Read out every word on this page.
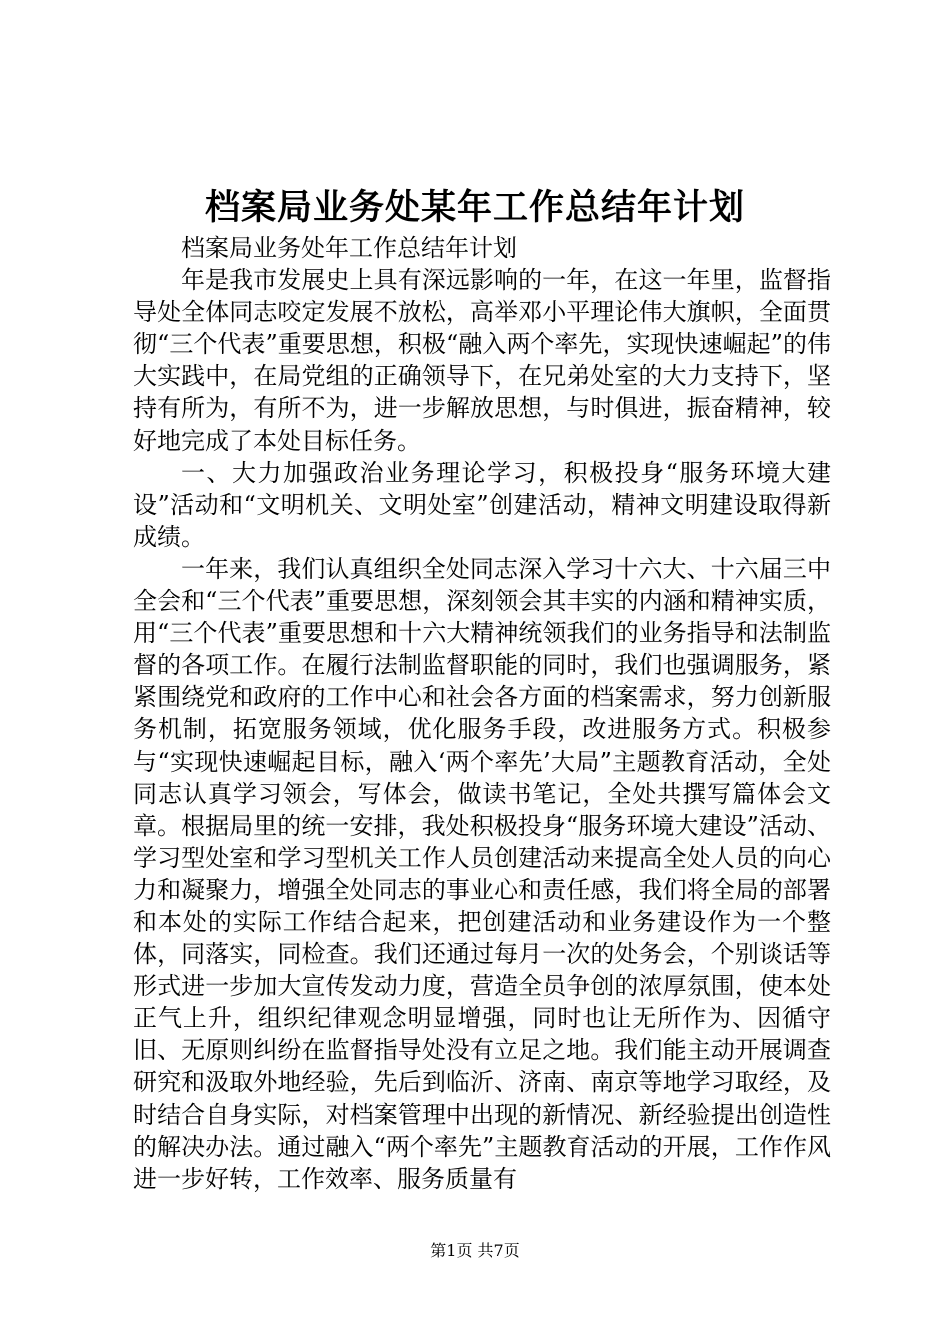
档案局业务处某年工作总结年计划

档案局业务处年工作总结年计划

年是我市发展史上具有深远影响的一年，在这一年里，监督指导处全体同志咬定发展不放松，高举邓小平理论伟大旗帜，全面贯彻“三个代表”重要思想，积极“融入两个率先，实现快速崛起”的伟大实践中，在局党组的正确领导下，在兄弟处室的大力支持下，坚持有所为，有所不为，进一步解放思想，与时俱进，振奋精神，较好地完成了本处目标任务。

一、大力加强政治业务理论学习，积极投身“服务环境大建设”活动和“文明机关、文明处室”创建活动，精神文明建设取得新成绩。

一年来，我们认真组织全处同志深入学习十六大、十六届三中全会和“三个代表”重要思想，深刻领会其丰实的内涵和精神实质，用“三个代表”重要思想和十六大精神统领我们的业务指导和法制监督的各项工作。在履行法制监督职能的同时，我们也强调服务，紧紧围绕党和政府的工作中心和社会各方面的档案需求，努力创新服务机制，拓宽服务领域，优化服务手段，改进服务方式。积极参与“实现快速崛起目标，融入‘两个率先’大局”主题教育活动，全处同志认真学习领会，写体会，做读书笔记，全处共撰写篇体会文章。根据局里的统一安排，我处积极投身“服务环境大建设”活动、学习型处室和学习型机关工作人员创建活动来提高全处人员的向心力和凝聚力，增强全处同志的事业心和责任感，我们将全局的部署和本处的实际工作结合起来，把创建活动和业务建设作为一个整体，同落实，同检查。我们还通过每月一次的处务会，个别谈话等形式进一步加大宣传发动力度，营造全员争创的浓厚氛围，使本处正气上升，组织纪律观念明显增强，同时也让无所作为、因循守旧、无原则纠纷在监督指导处没有立足之地。我们能主动开展调查研究和汲取外地经验，先后到临沂、济南、南京等地学习取经，及时结合自身实际，对档案管理中出现的新情况、新经验提出创造性的解决办法。通过融入“两个率先”主题教育活动的开展，工作作风进一步好转，工作效率、服务质量有

第1页 共7页
